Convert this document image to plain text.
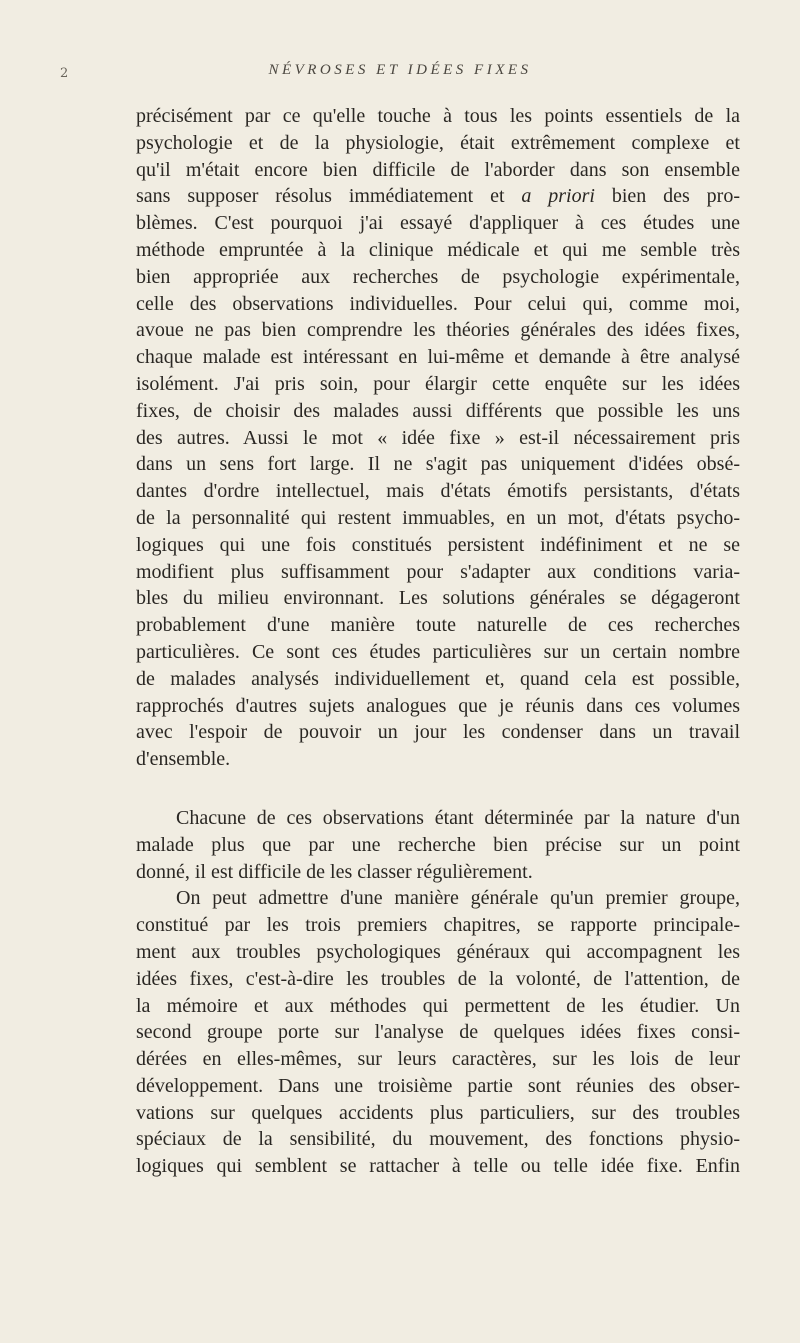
2	NÉVROSES ET IDÉES FIXES
précisément par ce qu'elle touche à tous les points essentiels de la
psychologie et de la physiologie, était extrêmement complexe et
qu'il m'était encore bien difficile de l'aborder dans son ensemble
sans supposer résolus immédiatement et a priori bien des pro-
blèmes. C'est pourquoi j'ai essayé d'appliquer à ces études une
méthode empruntée à la clinique médicale et qui me semble très
bien appropriée aux recherches de psychologie expérimentale,
celle des observations individuelles. Pour celui qui, comme moi,
avoue ne pas bien comprendre les théories générales des idées fixes,
chaque malade est intéressant en lui-même et demande à être analysé
isolément. J'ai pris soin, pour élargir cette enquête sur les idées
fixes, de choisir des malades aussi différents que possible les uns
des autres. Aussi le mot « idée fixe » est-il nécessairement pris
dans un sens fort large. Il ne s'agit pas uniquement d'idées obsé-
dantes d'ordre intellectuel, mais d'états émotifs persistants, d'états
de la personnalité qui restent immuables, en un mot, d'états psycho-
logiques qui une fois constitués persistent indéfiniment et ne se
modifient plus suffisamment pour s'adapter aux conditions varia-
bles du milieu environnant. Les solutions générales se dégageront
probablement d'une manière toute naturelle de ces recherches
particulières. Ce sont ces études particulières sur un certain nombre
de malades analysés individuellement et, quand cela est possible,
rapprochés d'autres sujets analogues que je réunis dans ces volumes
avec l'espoir de pouvoir un jour les condenser dans un travail
d'ensemble.
Chacune de ces observations étant déterminée par la nature d'un
malade plus que par une recherche bien précise sur un point
donné, il est difficile de les classer régulièrement.
On peut admettre d'une manière générale qu'un premier groupe,
constitué par les trois premiers chapitres, se rapporte principale-
ment aux troubles psychologiques généraux qui accompagnent les
idées fixes, c'est-à-dire les troubles de la volonté, de l'attention, de
la mémoire et aux méthodes qui permettent de les étudier. Un
second groupe porte sur l'analyse de quelques idées fixes consi-
dérées en elles-mêmes, sur leurs caractères, sur les lois de leur
développement. Dans une troisième partie sont réunies des obser-
vations sur quelques accidents plus particuliers, sur des troubles
spéciaux de la sensibilité, du mouvement, des fonctions physio-
logiques qui semblent se rattacher à telle ou telle idée fixe. Enfin
